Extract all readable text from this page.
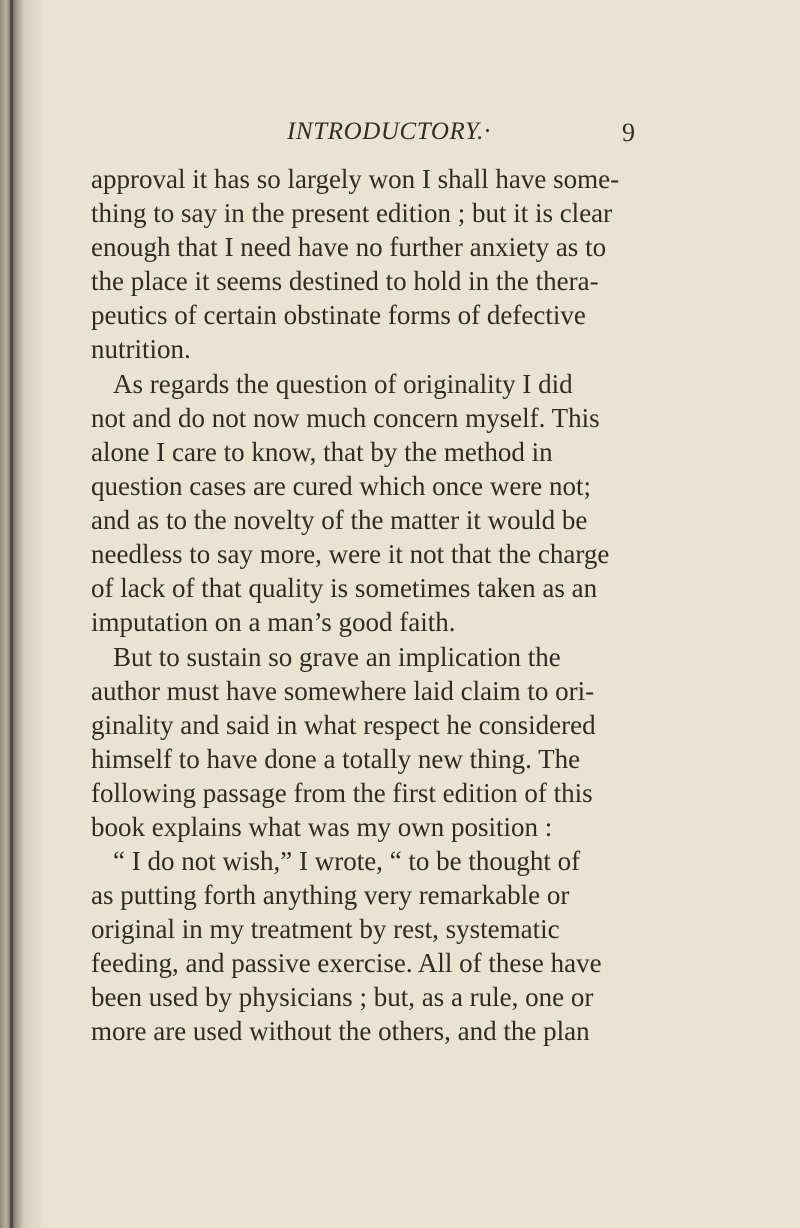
INTRODUCTORY.·	9
approval it has so largely won I shall have some-
thing to say in the present edition ; but it is clear
enough that I need have no further anxiety as to
the place it seems destined to hold in the thera-
peutics of certain obstinate forms of defective
nutrition.
As regards the question of originality I did
not and do not now much concern myself. This
alone I care to know, that by the method in
question cases are cured which once were not;
and as to the novelty of the matter it would be
needless to say more, were it not that the charge
of lack of that quality is sometimes taken as an
imputation on a man’s good faith.
But to sustain so grave an implication the
author must have somewhere laid claim to ori-
ginality and said in what respect he considered
himself to have done a totally new thing. The
following passage from the first edition of this
book explains what was my own position :
“ I do not wish,” I wrote, “ to be thought of
as putting forth anything very remarkable or
original in my treatment by rest, systematic
feeding, and passive exercise. All of these have
been used by physicians ; but, as a rule, one or
more are used without the others, and the plan
